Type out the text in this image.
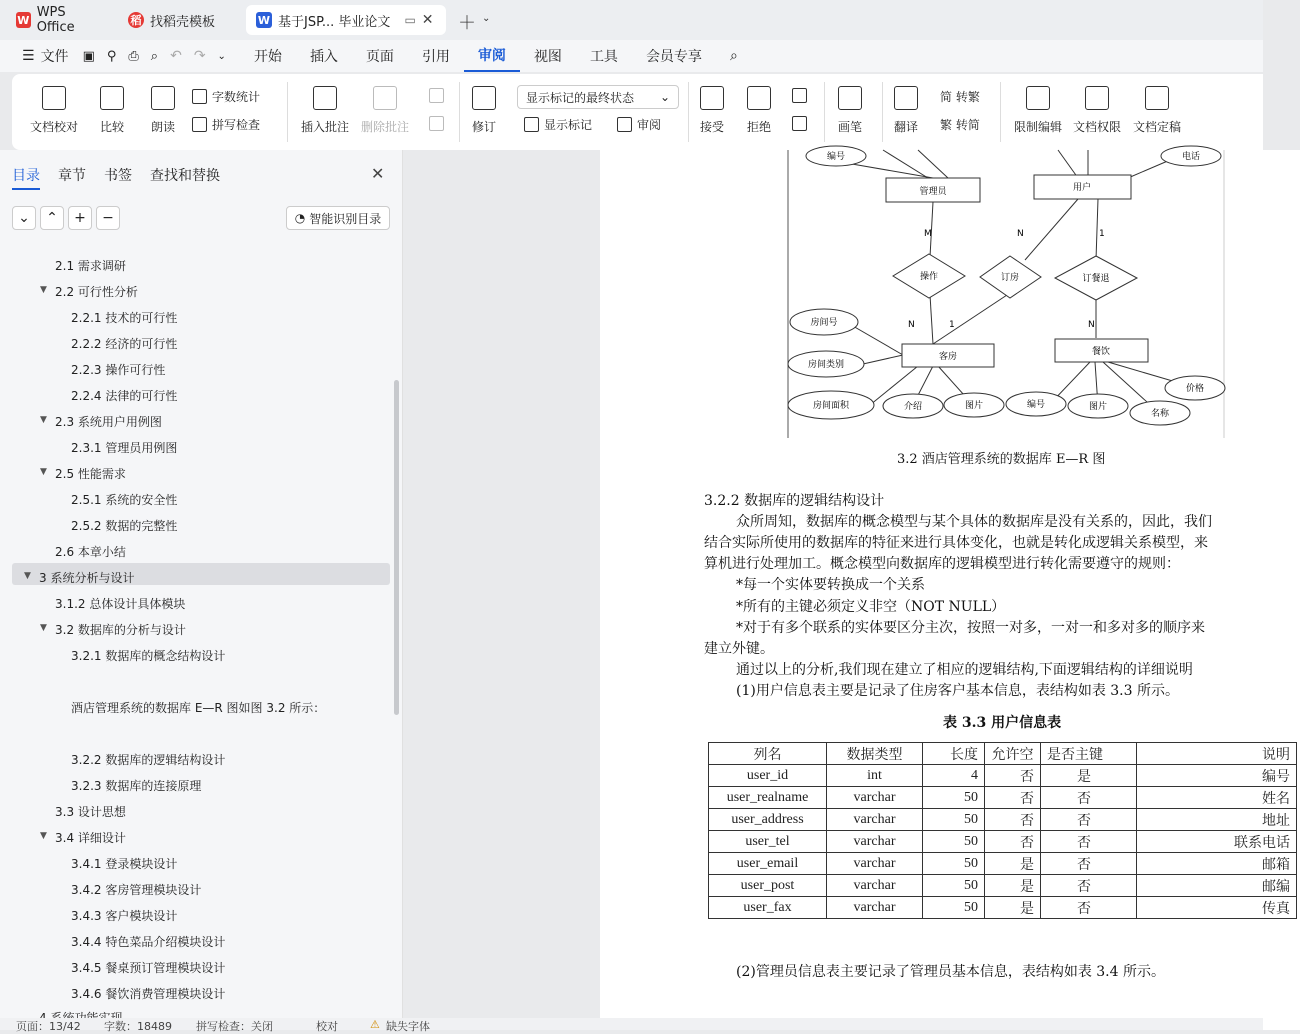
W WPS Office	稻 找稻壳模板	W 基于JSP... 毕业论文 ▭ ✕ ＋ ⌄
☰ 文件	▣ ⚲ ⎙ ⌕ ↶ ↷	⌄	开始	插入	页面	引用	审阅	视图	工具	会员专享	⌕
文档校对 比较 朗读
字数统计
拼写检查	插入批注 删除批注	修订
显示标记的最终状态 ⌄
显示标记	审阅	接受 拒绝	画笔	翻译
简 转繁
繁 转简	限制编辑 文档权限 文档定稿
目录 章节 书签 查找和替换	✕
⌄	⌃	+	−	◔ 智能识别目录
2.1 需求调研
▼ 2.2 可行性分析
2.2.1 技术的可行性
2.2.2 经济的可行性
2.2.3 操作可行性
2.2.4 法律的可行性
▼ 2.3 系统用户用例图
2.3.1 管理员用例图
▼ 2.5 性能需求
2.5.1 系统的安全性
2.5.2 数据的完整性
2.6 本章小结
▼ 3 系统分析与设计
3.1.2 总体设计具体模块
▼ 3.2 数据库的分析与设计
3.2.1 数据库的概念结构设计
酒店管理系统的数据库 E—R 图如图 3.2 所示：
3.2.2 数据库的逻辑结构设计
3.2.3 数据库的连接原理
3.3 设计思想
▼ 3.4 详细设计
3.4.1 登录模块设计
3.4.2 客房管理模块设计
3.4.3 客户模块设计
3.4.4 特色菜品介绍模块设计
3.4.5 餐桌预订管理模块设计
3.4.6 餐饮消费管理模块设计
编号	电话
房间号
房间类别
房间面积	介绍	图片	编号	图片
名称
价格
管理员	用户
客房	餐饮
操作	订房	订餐退
M	N	1
N	1	N
3.2 酒店管理系统的数据库 E—R 图
3.2.2 数据库的逻辑结构设计
众所周知，数据库的概念模型与某个具体的数据库是没有关系的，因此，我们
结合实际所使用的数据库的特征来进行具体变化，也就是转化成逻辑关系模型，来
算机进行处理加工。概念模型向数据库的逻辑模型进行转化需要遵守的规则：
*每一个实体要转换成一个关系
*所有的主键必须定义非空（NOT NULL）
*对于有多个联系的实体要区分主次，按照一对多，一对一和多对多的顺序来
建立外键。
通过以上的分析,我们现在建立了相应的逻辑结构,下面逻辑结构的详细说明
(1)用户信息表主要是记录了住房客户基本信息，表结构如表 3.3 所示。
表 3.3 用户信息表
列名	数据类型	长度	允许空	是否主键	说明
user_id	int	4	否	是	编号
user_realname	varchar	50	否	否	姓名
user_address	varchar	50	否	否	地址
user_tel	varchar	50	否	否	联系电话
user_email	varchar	50	是	否	邮箱
user_post	varchar	50	是	否	邮编
user_fax	varchar	50	是	否	传真
(2)管理员信息表主要记录了管理员基本信息，表结构如表 3.4 所示。
页面：13/42 字数：18489 拼写检查：关闭	校对	⚠ 缺失字体
